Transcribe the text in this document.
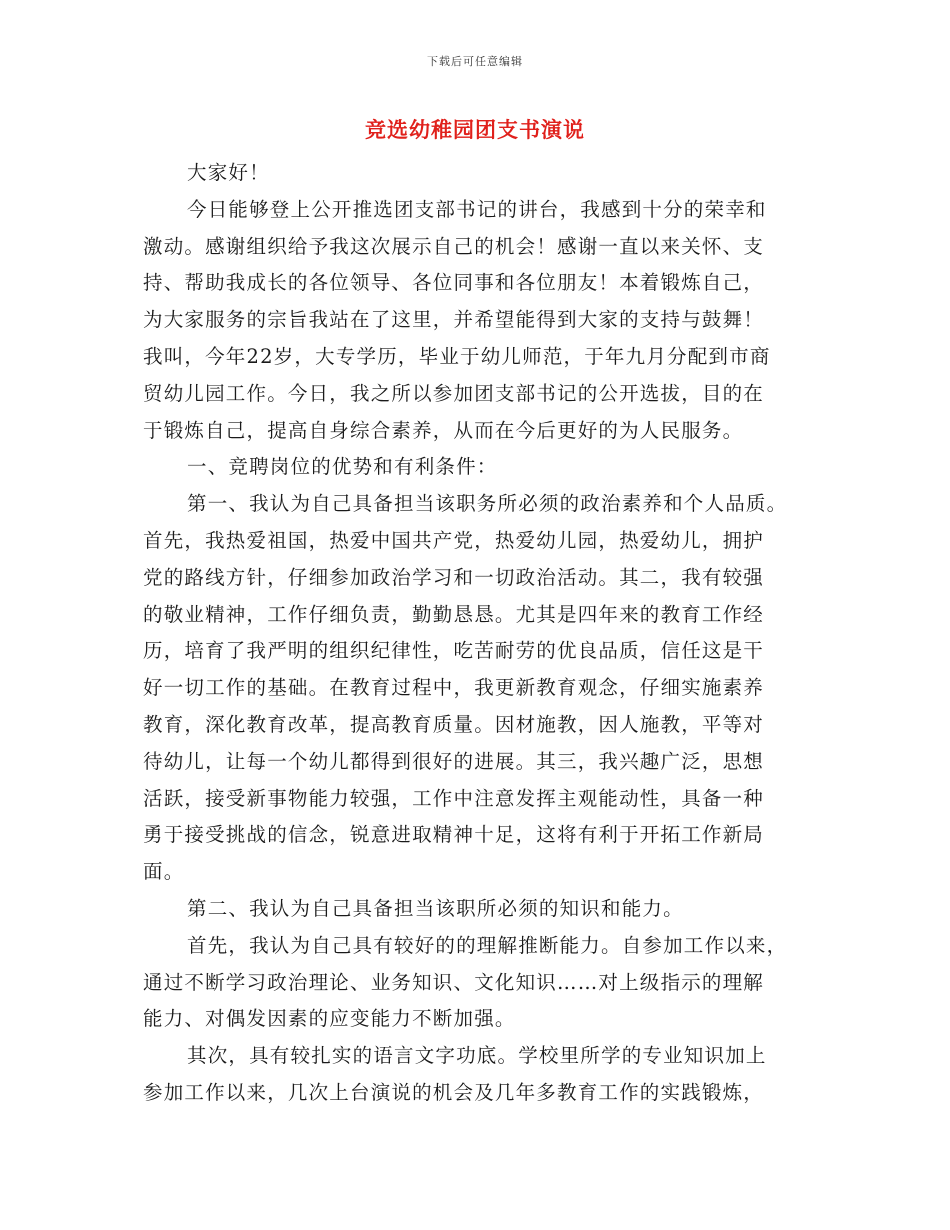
下载后可任意编辑
竞选幼稚园团支书演说
大家好！
今日能够登上公开推选团支部书记的讲台，我感到十分的荣幸和
激动。感谢组织给予我这次展示自己的机会！感谢一直以来关怀、支
持、帮助我成长的各位领导、各位同事和各位朋友！本着锻炼自己，
为大家服务的宗旨我站在了这里，并希望能得到大家的支持与鼓舞！
我叫，今年22岁，大专学历，毕业于幼儿师范，于年九月分配到市商
贸幼儿园工作。今日，我之所以参加团支部书记的公开选拔，目的在
于锻炼自己，提高自身综合素养，从而在今后更好的为人民服务。
一、竞聘岗位的优势和有利条件：
第一、我认为自己具备担当该职务所必须的政治素养和个人品质。
首先，我热爱祖国，热爱中国共产党，热爱幼儿园，热爱幼儿，拥护
党的路线方针，仔细参加政治学习和一切政治活动。其二，我有较强
的敬业精神，工作仔细负责，勤勤恳恳。尤其是四年来的教育工作经
历，培育了我严明的组织纪律性，吃苦耐劳的优良品质，信任这是干
好一切工作的基础。在教育过程中，我更新教育观念，仔细实施素养
教育，深化教育改革，提高教育质量。因材施教，因人施教，平等对
待幼儿，让每一个幼儿都得到很好的进展。其三，我兴趣广泛，思想
活跃，接受新事物能力较强，工作中注意发挥主观能动性，具备一种
勇于接受挑战的信念，锐意进取精神十足，这将有利于开拓工作新局
面。
第二、我认为自己具备担当该职所必须的知识和能力。
首先，我认为自己具有较好的的理解推断能力。自参加工作以来，
通过不断学习政治理论、业务知识、文化知识……对上级指示的理解
能力、对偶发因素的应变能力不断加强。
其次，具有较扎实的语言文字功底。学校里所学的专业知识加上
参加工作以来，几次上台演说的机会及几年多教育工作的实践锻炼，
